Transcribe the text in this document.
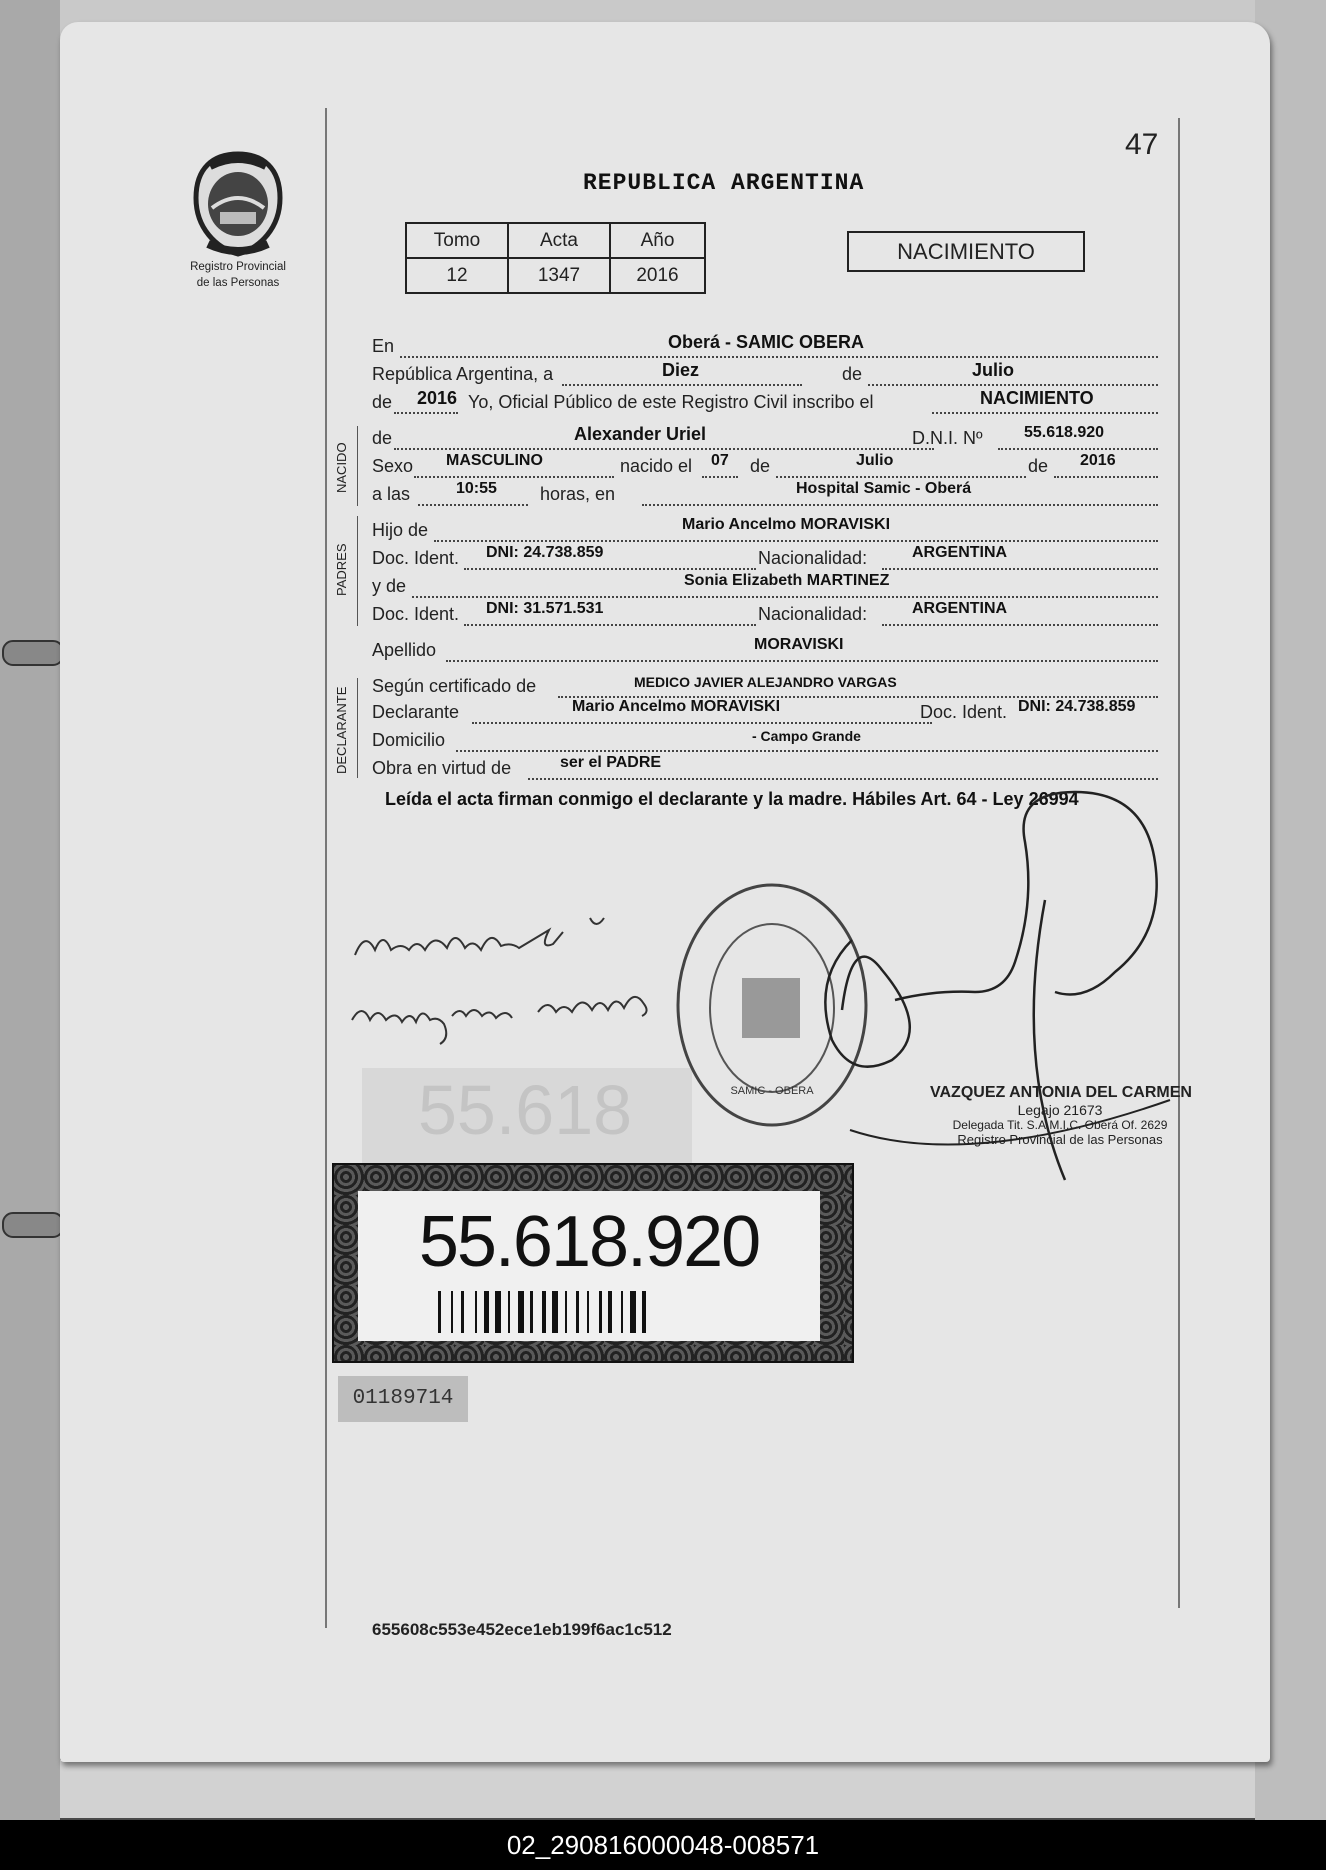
47
Registro Provincial
de las Personas
REPUBLICA ARGENTINA
Tomo	Acta	Año
12	1347	2016
NACIMIENTO
En	Oberá - SAMIC OBERA
República Argentina, a	Diez	de	Julio
de 2016 Yo, Oficial Público de este Registro Civil inscribo el	NACIMIENTO
NACIDO
de	Alexander Uriel	D.N.I. Nº	55.618.920
Sexo MASCULINO	nacido el 07 de	Julio	de 2016
a las	10:55 horas, en	Hospital Samic - Oberá
PADRES
Hijo de	Mario Ancelmo MORAVISKI
Doc. Ident. DNI: 24.738.859	Nacionalidad:	ARGENTINA
y de	Sonia Elizabeth MARTINEZ
Doc. Ident. DNI: 31.571.531	Nacionalidad:	ARGENTINA
Apellido	MORAVISKI
DECLARANTE
Según certificado de	MEDICO JAVIER ALEJANDRO VARGAS
Declarante	Mario Ancelmo MORAVISKI	Doc. Ident. DNI: 24.738.859
Domicilio	- Campo Grande
Obra en virtud de	ser el PADRE
Leída el acta firman conmigo el declarante y la madre. Hábiles Art. 64 - Ley 26994
55.618	SAMIC - OBERA	VAZQUEZ ANTONIA DEL CARMEN
Legajo 21673
Delegada Tit. S.A.M.I.C. Oberá Of. 2629
Registro Provincial de las Personas
55.618.920
01189714
655608c553e452ece1eb199f6ac1c512
02_290816000048-008571
